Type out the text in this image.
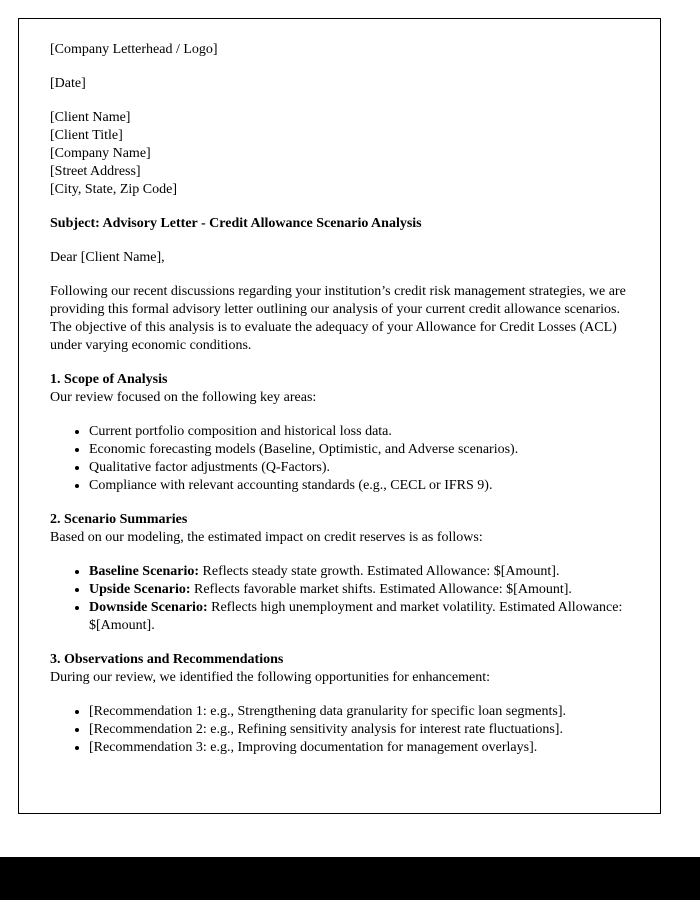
[Company Letterhead / Logo]

[Date]

[Client Name]
[Client Title]
[Company Name]
[Street Address]
[City, State, Zip Code]

Subject: Advisory Letter - Credit Allowance Scenario Analysis

Dear [Client Name],

Following our recent discussions regarding your institution’s credit risk management strategies, we are providing this formal advisory letter outlining our analysis of your current credit allowance scenarios. The objective of this analysis is to evaluate the adequacy of your Allowance for Credit Losses (ACL) under varying economic conditions.

1. Scope of Analysis
Our review focused on the following key areas:
• Current portfolio composition and historical loss data.
• Economic forecasting models (Baseline, Optimistic, and Adverse scenarios).
• Qualitative factor adjustments (Q-Factors).
• Compliance with relevant accounting standards (e.g., CECL or IFRS 9).
2. Scenario Summaries
Based on our modeling, the estimated impact on credit reserves is as follows:
• Baseline Scenario: Reflects steady state growth. Estimated Allowance: $[Amount].
• Upside Scenario: Reflects favorable market shifts. Estimated Allowance: $[Amount].
• Downside Scenario: Reflects high unemployment and market volatility. Estimated Allowance: $[Amount].
3. Observations and Recommendations
During our review, we identified the following opportunities for enhancement:
• [Recommendation 1: e.g., Strengthening data granularity for specific loan segments].
• [Recommendation 2: e.g., Refining sensitivity analysis for interest rate fluctuations].
• [Recommendation 3: e.g., Improving documentation for management overlays].
